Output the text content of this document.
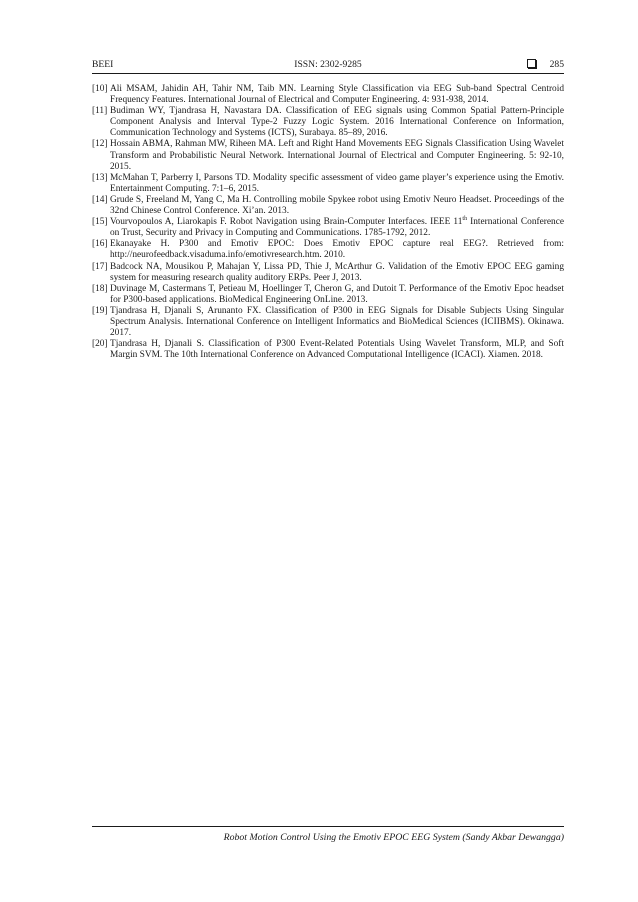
BEEI	ISSN: 2302-9285	285

[10] Ali MSAM, Jahidin AH, Tahir NM, Taib MN. Learning Style Classification via EEG Sub-band Spectral Centroid Frequency Features. International Journal of Electrical and Computer Engineering. 4: 931-938, 2014.

[11] Budiman WY, Tjandrasa H, Navastara DA. Classification of EEG signals using Common Spatial Pattern-Principle Component Analysis and Interval Type-2 Fuzzy Logic System. 2016 International Conference on Information, Communication Technology and Systems (ICTS), Surabaya. 85–89, 2016.

[12] Hossain ABMA, Rahman MW, Riheen MA. Left and Right Hand Movements EEG Signals Classification Using Wavelet Transform and Probabilistic Neural Network. International Journal of Electrical and Computer Engineering. 5: 92-10, 2015.

[13] McMahan T, Parberry I, Parsons TD. Modality specific assessment of video game player’s experience using the Emotiv. Entertainment Computing. 7:1–6, 2015.

[14] Grude S, Freeland M, Yang C, Ma H. Controlling mobile Spykee robot using Emotiv Neuro Headset. Proceedings of the 32nd Chinese Control Conference. Xi’an. 2013.

[15] Vourvopoulos A, Liarokapis F. Robot Navigation using Brain-Computer Interfaces. IEEE 11th International Conference on Trust, Security and Privacy in Computing and Communications. 1785-1792, 2012.

[16] Ekanayake H. P300 and Emotiv EPOC: Does Emotiv EPOC capture real EEG?. Retrieved from: http://neurofeedback.visaduma.info/emotivresearch.htm. 2010.

[17] Badcock NA, Mousikou P, Mahajan Y, Lissa PD, Thie J, McArthur G. Validation of the Emotiv EPOC EEG gaming system for measuring research quality auditory ERPs. Peer J, 2013.

[18] Duvinage M, Castermans T, Petieau M, Hoellinger T, Cheron G, and Dutoit T. Performance of the Emotiv Epoc headset for P300-based applications. BioMedical Engineering OnLine. 2013.

[19] Tjandrasa H, Djanali S, Arunanto FX. Classification of P300 in EEG Signals for Disable Subjects Using Singular Spectrum Analysis. International Conference on Intelligent Informatics and BioMedical Sciences (ICIIBMS). Okinawa. 2017.

[20] Tjandrasa H, Djanali S. Classification of P300 Event-Related Potentials Using Wavelet Transform, MLP, and Soft Margin SVM. The 10th International Conference on Advanced Computational Intelligence (ICACI). Xiamen. 2018.

Robot Motion Control Using the Emotiv EPOC EEG System (Sandy Akbar Dewangga)
